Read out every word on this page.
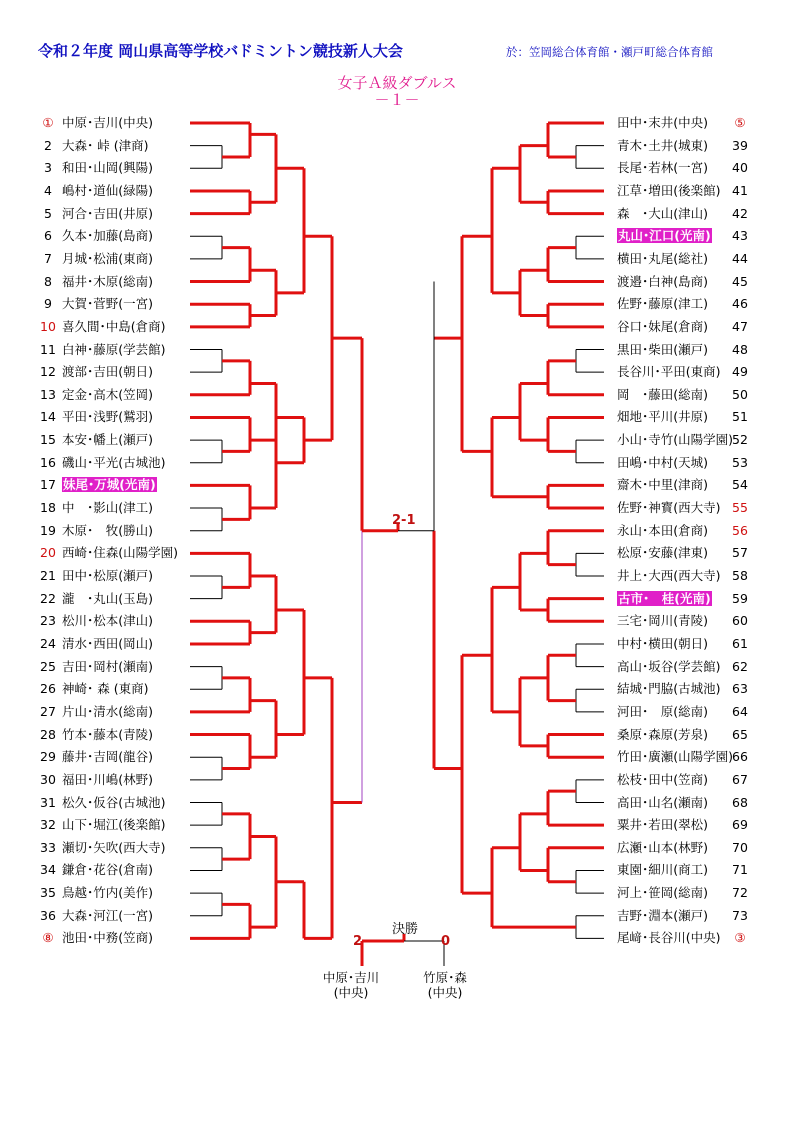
令和２年度 岡山県高等学校バドミントン競技新人大会	於：笠岡総合体育館・瀬戸町総合体育館
女子Ａ級ダブルス
－１－
① 中原･吉川(中央)
2 大森･ 峠 (津商)
3 和田･山岡(興陽)
4 嶋村･道仙(緑陽)
5 河合･吉田(井原)
6 久本･加藤(島商)
7 月城･松浦(東商)
8 福井･木原(総南)
9 大賀･菅野(一宮)
10 喜久間･中島(倉商)
11 白神･藤原(学芸館)
12 渡部･吉田(朝日)
13 定金･高木(笠岡)
14 平田･浅野(鷲羽)
15 本安･幡上(瀬戸)
16 磯山･平光(古城池)
17 妹尾･万城(光南)
18 中　･影山(津工)
19 木原･　牧(勝山)
20 西崎･住森(山陽学園)
21 田中･松原(瀬戸)
22 瀧　･丸山(玉島)
23 松川･松本(津山)
24 清水･西田(岡山)
25 吉田･岡村(瀬南)
26 神崎･ 森 (東商)
27 片山･清水(総南)
28 竹本･藤本(青陵)
29 藤井･吉岡(龍谷)
30 福田･川嶋(林野)
31 松久･仮谷(古城池)
32 山下･堀江(後楽館)
33 瀬切･矢吹(西大寺)
34 鎌倉･花谷(倉南)
35 鳥越･竹内(美作)
36 大森･河江(一宮)
⑧ 池田･中務(笠商)
⑤
田中･末井(中央)
39
青木･土井(城東)
40
長尾･若林(一宮)
41
江草･増田(後楽館)
42
森　･大山(津山)
43
丸山･江口(光南)
44
横田･丸尾(総社)
45
渡邉･白神(島商)
46
佐野･藤原(津工)
47
谷口･妹尾(倉商)
48
黒田･柴田(瀬戸)
49
長谷川･平田(東商)
50
岡　･藤田(総南)
51
畑地･平川(井原)
52
小山･寺竹(山陽学園)
53
田嶋･中村(天城)
54
齋木･中里(津商)
55
佐野･神寳(西大寺)
56
永山･本田(倉商)
57
松原･安藤(津東)
58
井上･大西(西大寺)
59
古市･　桂(光南)
60
三宅･岡川(青陵)
61
中村･横田(朝日)
62
高山･坂谷(学芸館)
63
結城･門脇(古城池)
64
河田･　原(総南)
65
桑原･森原(芳泉)
66
竹田･廣瀬(山陽学園)
67
松枝･田中(笠商)
68
高田･山名(瀬南)
69
粟井･若田(翠松)
70
広瀬･山本(林野)
71
東園･細川(商工)
72
河上･笹岡(総南)
73
吉野･淵本(瀬戸)
③
尾﨑･長谷川(中央)
2-1
決勝
2	0
中原･吉川
(中央)
竹原･森
(中央)
